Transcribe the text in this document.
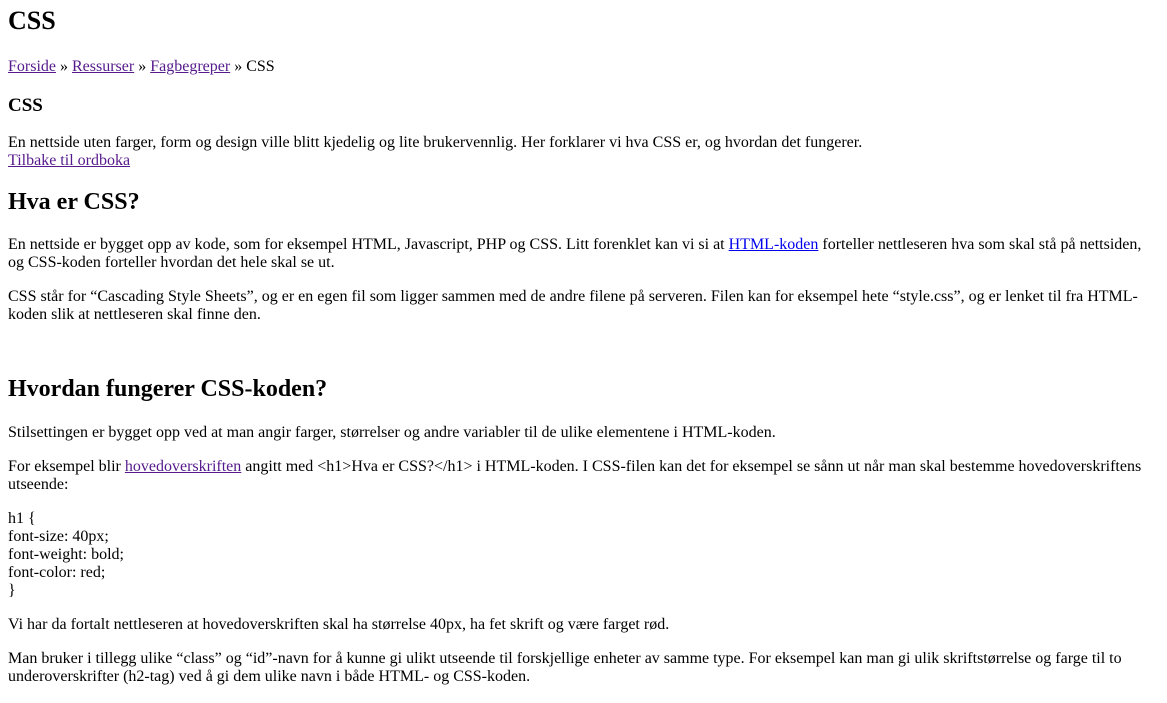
CSS
Forside » Ressurser » Fagbegreper » CSS
CSS

En nettside uten farger, form og design ville blitt kjedelig og lite brukervennlig. Her forklarer vi hva CSS er, og hvordan det fungerer.

Tilbake til ordboka
Hva er CSS?

En nettside er bygget opp av kode, som for eksempel HTML, Javascript, PHP og CSS. Litt forenklet kan vi si at HTML-koden forteller nettleseren hva som skal stå på nettsiden, og CSS-koden forteller hvordan det hele skal se ut.

CSS står for “Cascading Style Sheets”, og er en egen fil som ligger sammen med de andre filene på serveren. Filen kan for eksempel hete “style.css”, og er lenket til fra HTML-koden slik at nettleseren skal finne den.

Hvordan fungerer CSS-koden?

Stilsettingen er bygget opp ved at man angir farger, størrelser og andre variabler til de ulike elementene i HTML-koden.

For eksempel blir hovedoverskriften angitt med <h1>Hva er CSS?</h1> i HTML-koden. I CSS-filen kan det for eksempel se sånn ut når man skal bestemme hovedoverskriftens utseende:

h1 {
font-size: 40px;
font-weight: bold;
font-color: red;
}

Vi har da fortalt nettleseren at hovedoverskriften skal ha størrelse 40px, ha fet skrift og være farget rød.

Man bruker i tillegg ulike “class” og “id”-navn for å kunne gi ulikt utseende til forskjellige enheter av samme type. For eksempel kan man gi ulik skriftstørrelse og farge til to underoverskrifter (h2-tag) ved å gi dem ulike navn i både HTML- og CSS-koden.
